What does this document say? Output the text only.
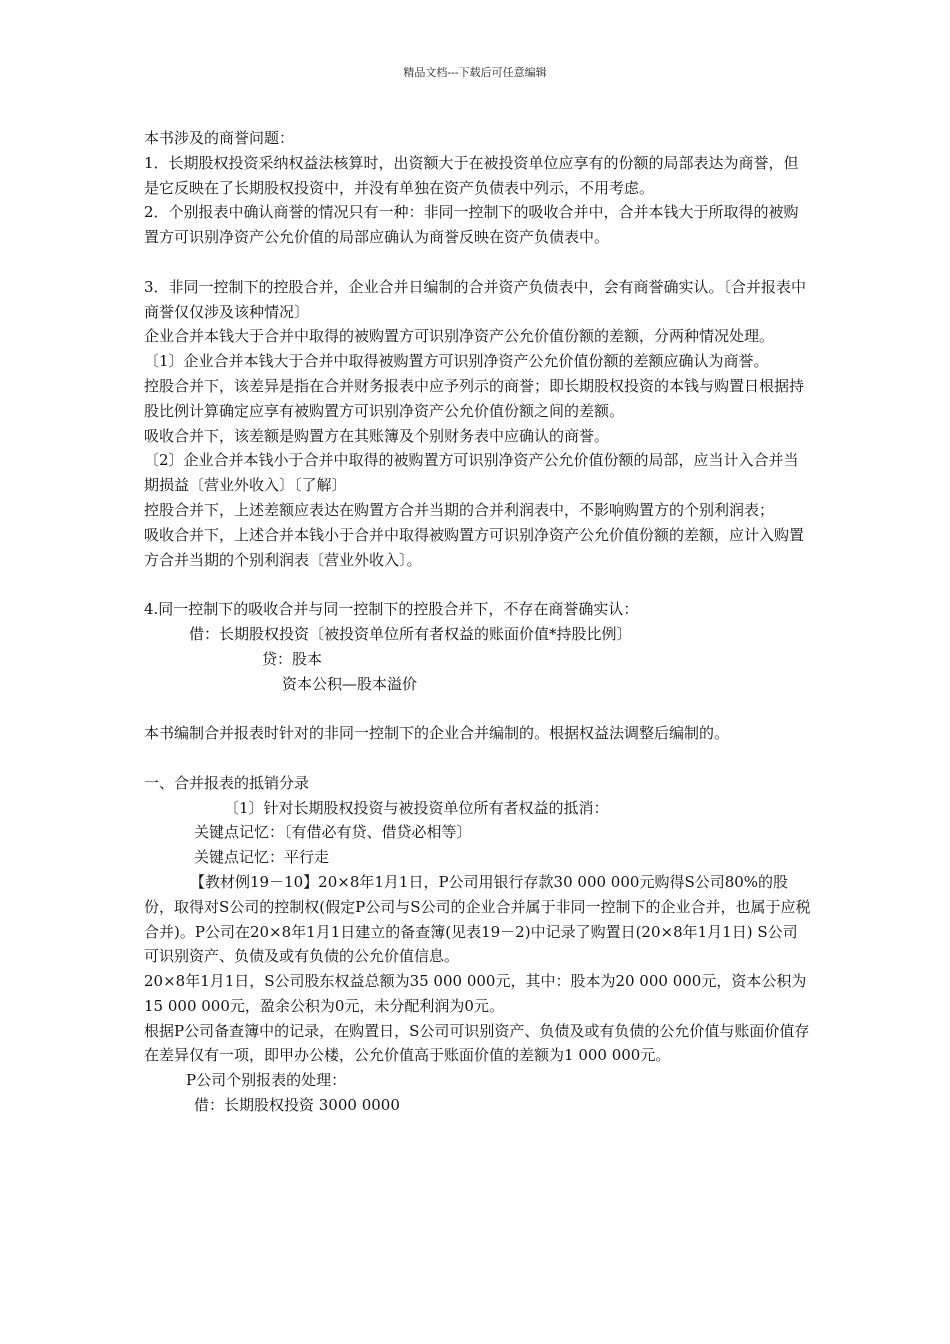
精品文档---下载后可任意编辑

本书涉及的商誉问题：

1．长期股权投资采纳权益法核算时，出资额大于在被投资单位应享有的份额的局部表达为商誉，但是它反映在了长期股权投资中，并没有单独在资产负债表中列示，不用考虑。

2．个别报表中确认商誉的情况只有一种：非同一控制下的吸收合并中，合并本钱大于所取得的被购置方可识别净资产公允价值的局部应确认为商誉反映在资产负债表中。

3．非同一控制下的控股合并，企业合并日编制的合并资产负债表中，会有商誉确实认。〔合并报表中商誉仅仅涉及该种情况〕

企业合并本钱大于合并中取得的被购置方可识别净资产公允价值份额的差额，分两种情况处理。

〔1〕企业合并本钱大于合并中取得被购置方可识别净资产公允价值份额的差额应确认为商誉。

控股合并下，该差异是指在合并财务报表中应予列示的商誉；即长期股权投资的本钱与购置日根据持股比例计算确定应享有被购置方可识别净资产公允价值份额之间的差额。

吸收合并下，该差额是购置方在其账簿及个别财务表中应确认的商誉。

〔2〕企业合并本钱小于合并中取得的被购置方可识别净资产公允价值份额的局部，应当计入合并当期损益〔营业外收入〕〔了解〕

控股合并下，上述差额应表达在购置方合并当期的合并利润表中，不影响购置方的个别利润表；

吸收合并下，上述合并本钱小于合并中取得被购置方可识别净资产公允价值份额的差额，应计入购置方合并当期的个别利润表〔营业外收入〕。

4.同一控制下的吸收合并与同一控制下的控股合并下，不存在商誉确实认：

借：长期股权投资〔被投资单位所有者权益的账面价值*持股比例〕

贷：股本

资本公积—股本溢价

本书编制合并报表时针对的非同一控制下的企业合并编制的。根据权益法调整后编制的。

一、合并报表的抵销分录

〔1〕针对长期股权投资与被投资单位所有者权益的抵消：

关键点记忆：〔有借必有贷、借贷必相等〕

关键点记忆：平行走

【教材例19－10】20×8年1月1日，P公司用银行存款30 000 000元购得S公司80%的股份，取得对S公司的控制权(假定P公司与S公司的企业合并属于非同一控制下的企业合并，也属于应税合并)。P公司在20×8年1月1日建立的备查簿(见表19－2)中记录了购置日(20×8年1月1日) S公司可识别资产、负债及或有负债的公允价值信息。

20×8年1月1日，S公司股东权益总额为35 000 000元，其中：股本为20 000 000元，资本公积为15 000 000元，盈余公积为0元，未分配利润为0元。

根据P公司备查簿中的记录，在购置日，S公司可识别资产、负债及或有负债的公允价值与账面价值存在差异仅有一项，即甲办公楼，公允价值高于账面价值的差额为1 000 000元。

P公司个别报表的处理：

借：长期股权投资 3000 0000
